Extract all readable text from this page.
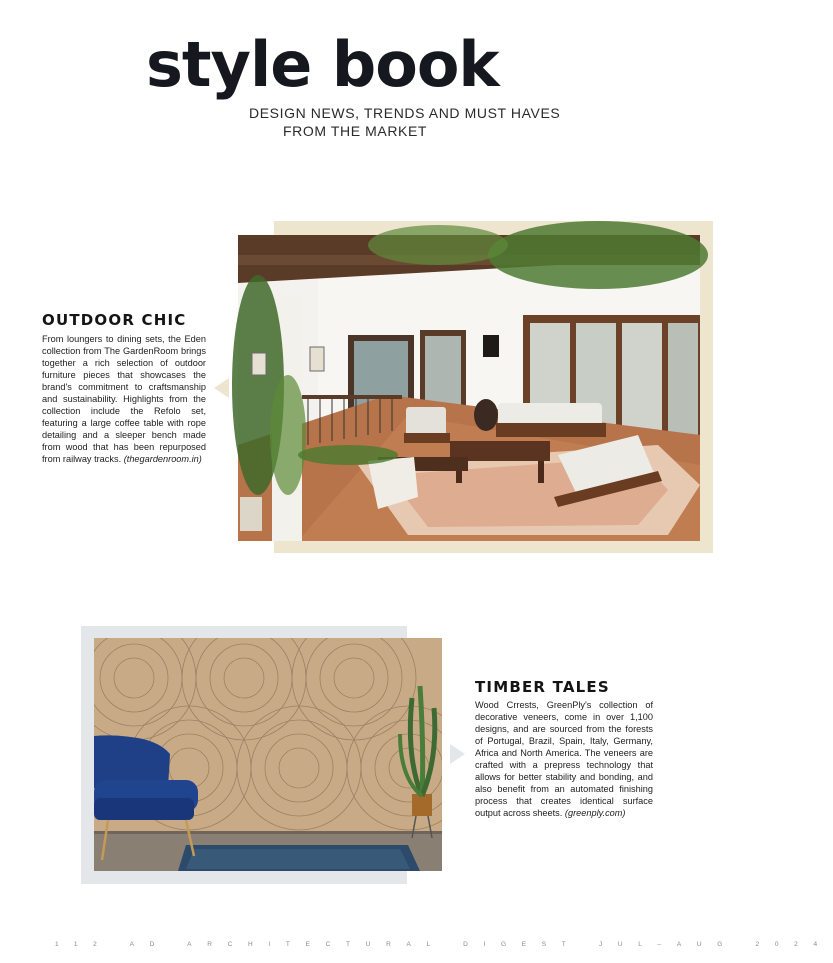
style book
DESIGN NEWS, TRENDS AND MUST HAVES
FROM THE MARKET
OUTDOOR CHIC

From loungers to dining sets, the Eden collection from The GardenRoom brings together a rich selection of outdoor furniture pieces that showcases the brand's commitment to craftsmanship and sustainability. Highlights from the collection include the Refolo set, featuring a large coffee table with rope detailing and a sleeper bench made from wood that has been repurposed from railway tracks. (thegardenroom.in)

TIMBER TALES

Wood Crrests, GreenPly's collection of decorative veneers, come in over 1,100 designs, and are sourced from the forests of Portugal, Brazil, Spain, Italy, Germany, Africa and North America. The veneers are crafted with a prepress technology that allows for better stability and bonding, and also benefit from an automated finishing process that creates identical surface output across sheets. (greenply.com)

112 AD ARCHITECTURAL DIGEST JUL–AUG 2024
